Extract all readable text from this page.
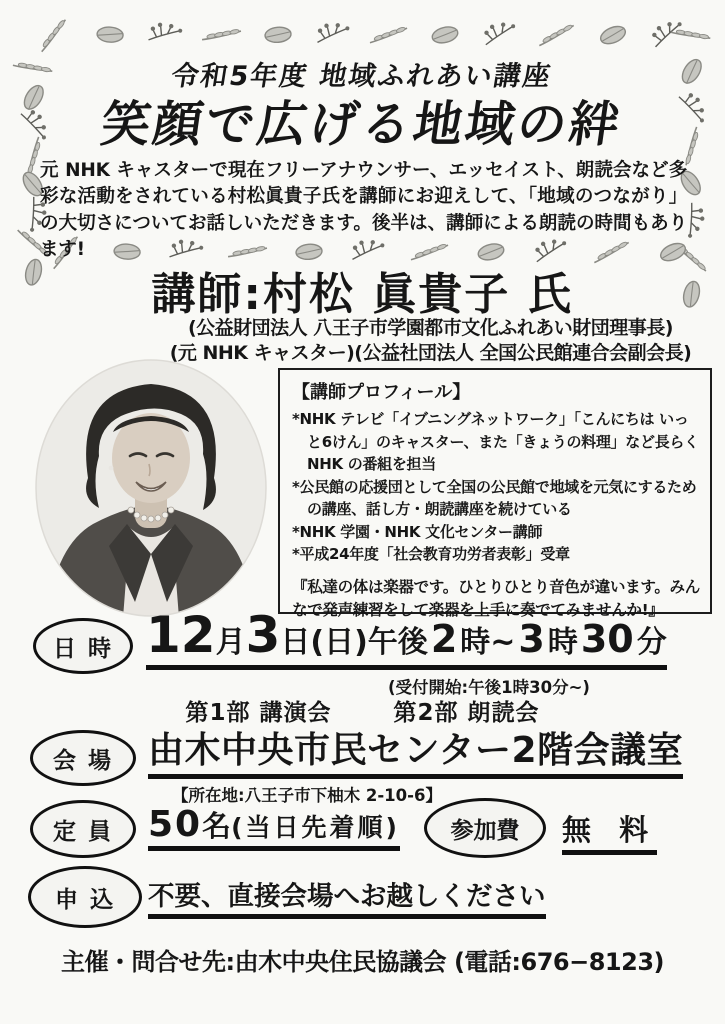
令和5年度 地域ふれあい講座
笑顔で広げる地域の絆
元 NHK キャスターで現在フリーアナウンサー、エッセイスト、朗読会など多彩な活動をされている村松眞貴子氏を講師にお迎えして、「地域のつながり」の大切さについてお話しいただきます。後半は、講師による朗読の時間もあります!
講師:村松 眞貴子 氏
(公益財団法人 八王子市学園都市文化ふれあい財団理事長)
(元 NHK キャスター)(公益社団法人 全国公民館連合会副会長)

【講師プロフィール】

*NHK テレビ「イブニングネットワーク」「こんにちは いっと6けん」のキャスター、また「きょうの料理」など長らく NHK の番組を担当
*公民館の応援団として全国の公民館で地域を元気にするための講座、話し方・朗読講座を続けている
*NHK 学園・NHK 文化センター講師
*平成24年度「社会教育功労者表彰」受章
『私達の体は楽器です。ひとりひとり音色が違います。みんなで発声練習をして楽器を上手に奏でてみませんか!』
日 時 12月3日(日)午後2 時~3 時30 分
(受付開始:午後1時30分~)
第1部 講演会	第2部 朗読会
会 場 由木中央市民センター2階会議室
【所在地:八王子市下柚木 2-10-6】
定 員 50名(当日先着順)	参加費	無 料
申 込	不要、直接会場へお越しください
主催・問合せ先:由木中央住民協議会 (電話:676−8123)
